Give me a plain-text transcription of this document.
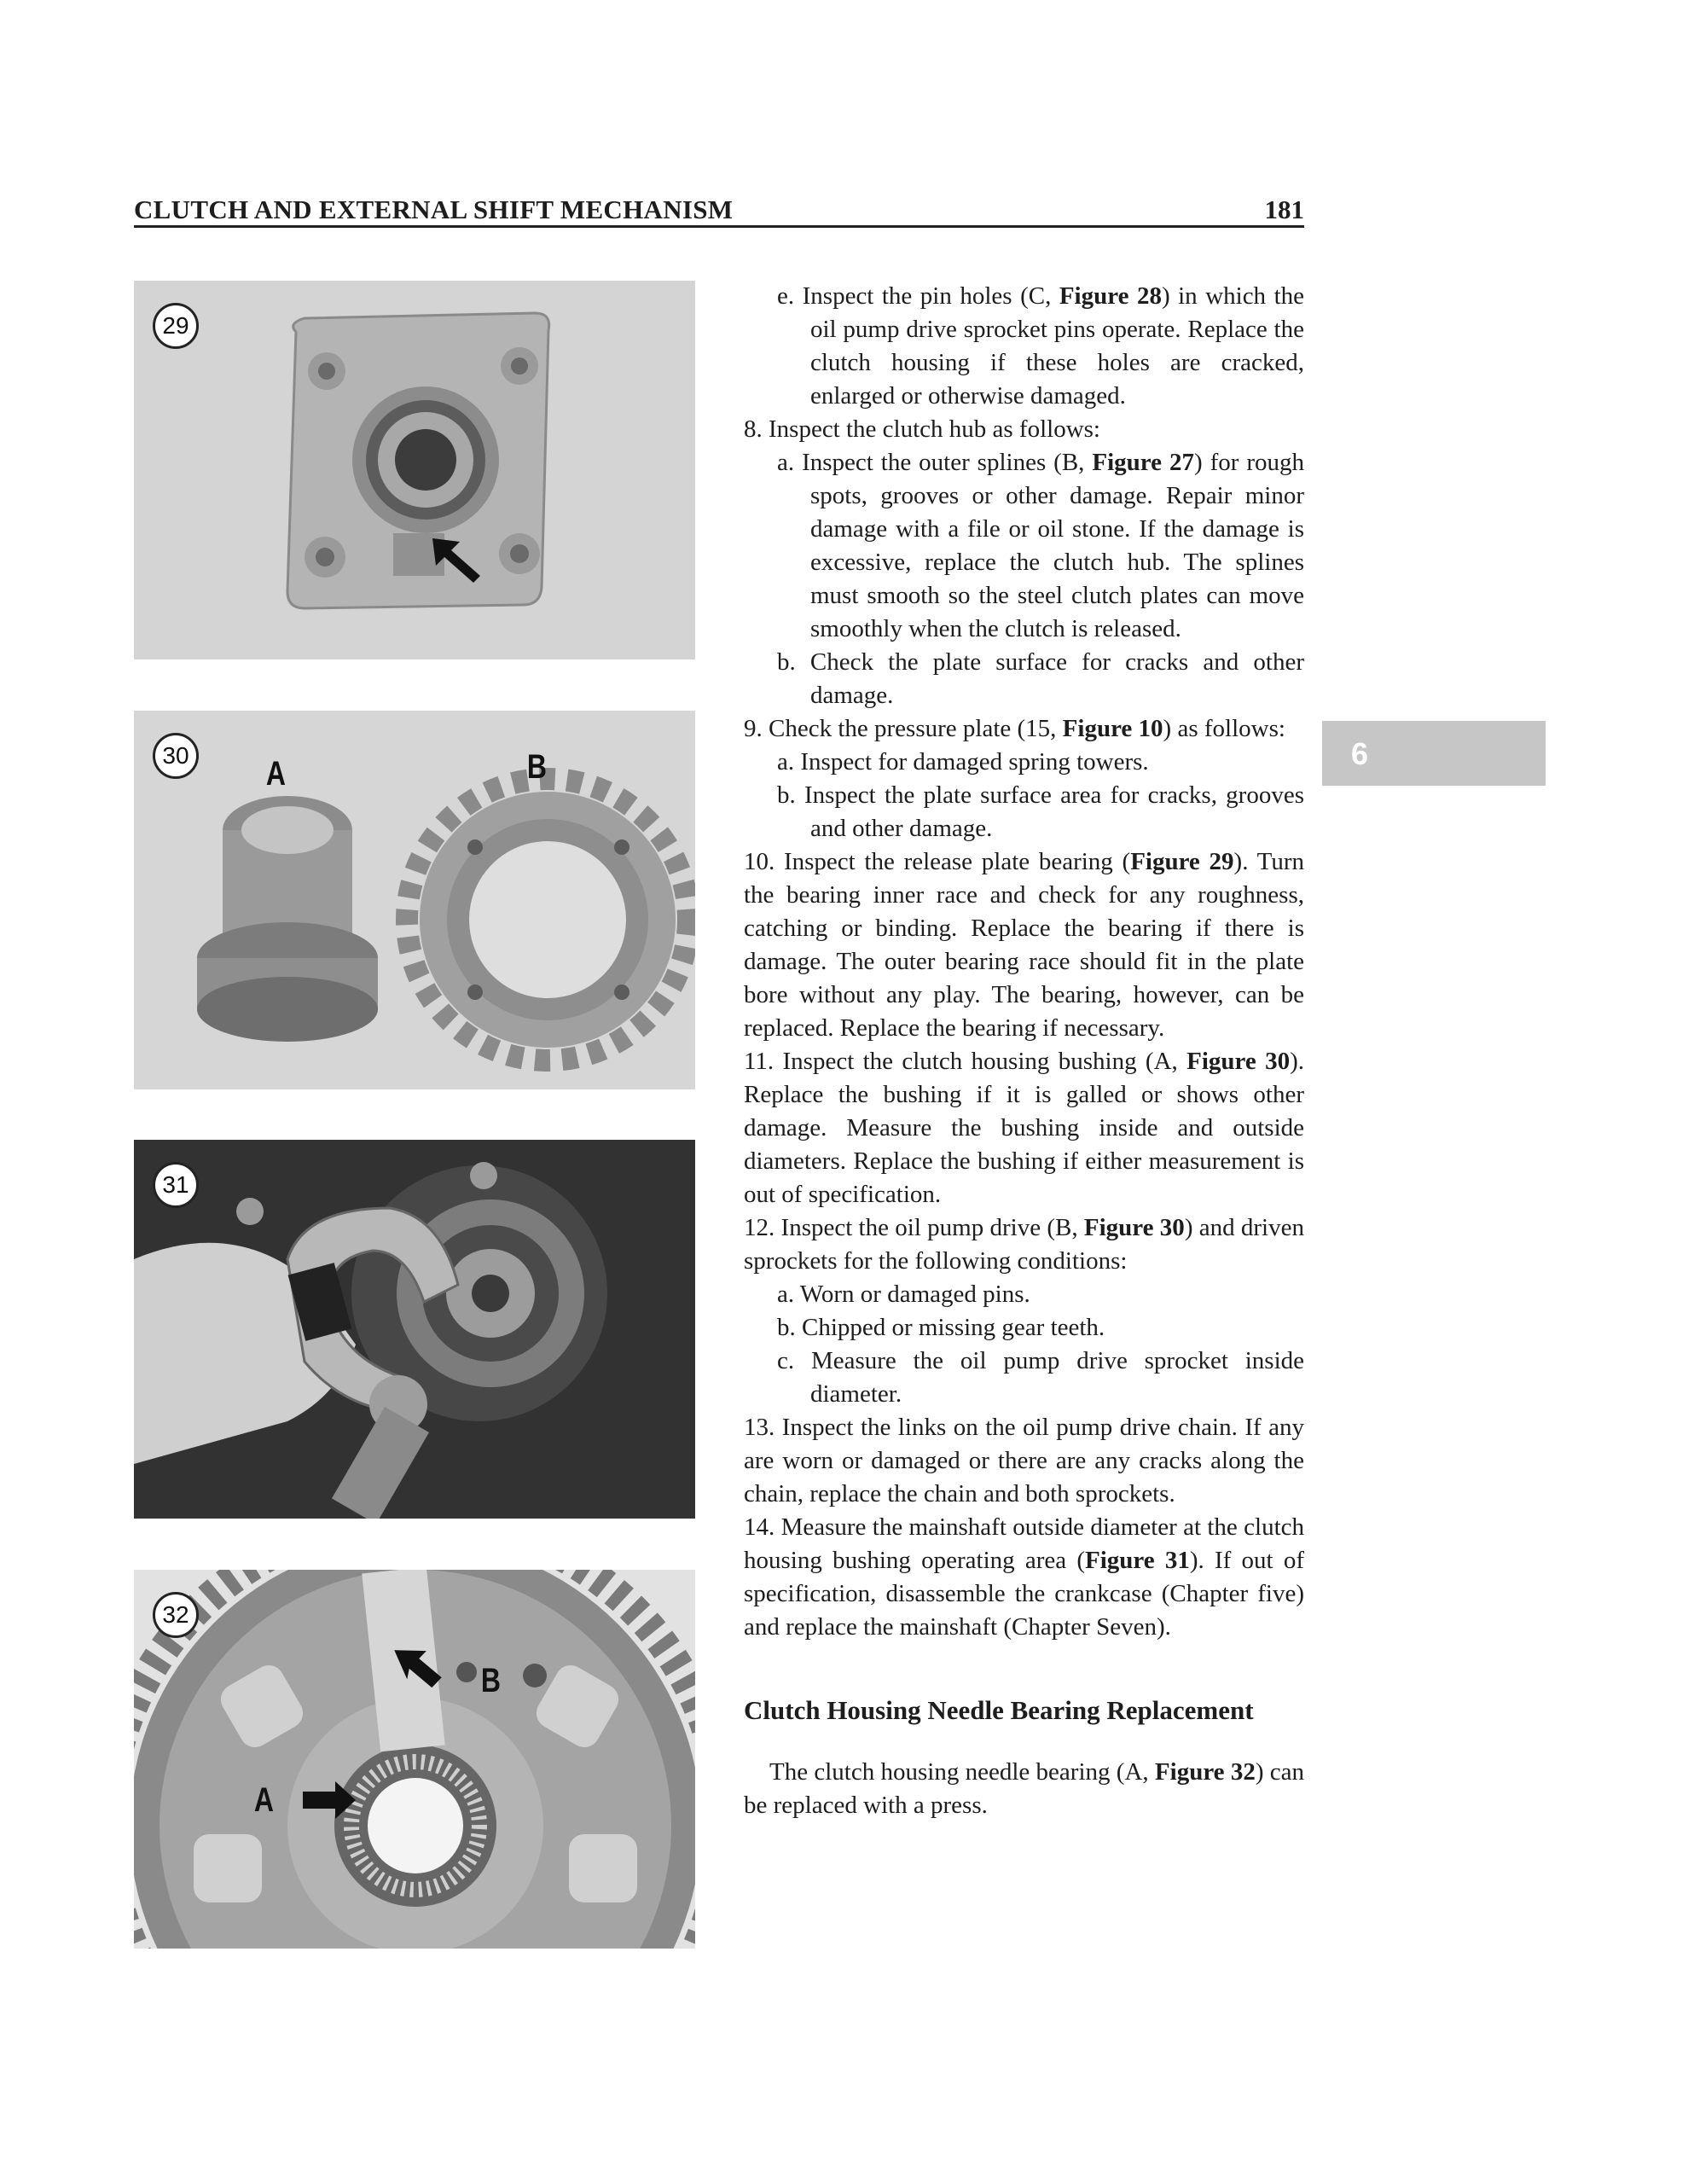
CLUTCH AND EXTERNAL SHIFT MECHANISM	181
29
30 A	B
31
32
B
A
6

e. Inspect the pin holes (C, Figure 28) in which the oil pump drive sprocket pins operate. Replace the clutch housing if these holes are cracked, enlarged or otherwise damaged.

8. Inspect the clutch hub as follows:

a. Inspect the outer splines (B, Figure 27) for rough spots, grooves or other damage. Repair minor damage with a file or oil stone. If the damage is excessive, replace the clutch hub. The splines must smooth so the steel clutch plates can move smoothly when the clutch is released.

b. Check the plate surface for cracks and other damage.

9. Check the pressure plate (15, Figure 10) as follows:

a. Inspect for damaged spring towers.

b. Inspect the plate surface area for cracks, grooves and other damage.

10. Inspect the release plate bearing (Figure 29). Turn the bearing inner race and check for any roughness, catching or binding. Replace the bearing if there is damage. The outer bearing race should fit in the plate bore without any play. The bearing, however, can be replaced. Replace the bearing if necessary.

11. Inspect the clutch housing bushing (A, Figure 30). Replace the bushing if it is galled or shows other damage. Measure the bushing inside and outside diameters. Replace the bushing if either measurement is out of specification.

12. Inspect the oil pump drive (B, Figure 30) and driven sprockets for the following conditions:

a. Worn or damaged pins.

b. Chipped or missing gear teeth.

c. Measure the oil pump drive sprocket inside diameter.

13. Inspect the links on the oil pump drive chain. If any are worn or damaged or there are any cracks along the chain, replace the chain and both sprockets.

14. Measure the mainshaft outside diameter at the clutch housing bushing operating area (Figure 31). If out of specification, disassemble the crankcase (Chapter five) and replace the mainshaft (Chapter Seven).

Clutch Housing Needle Bearing Replacement

The clutch housing needle bearing (A, Figure 32) can be replaced with a press.
